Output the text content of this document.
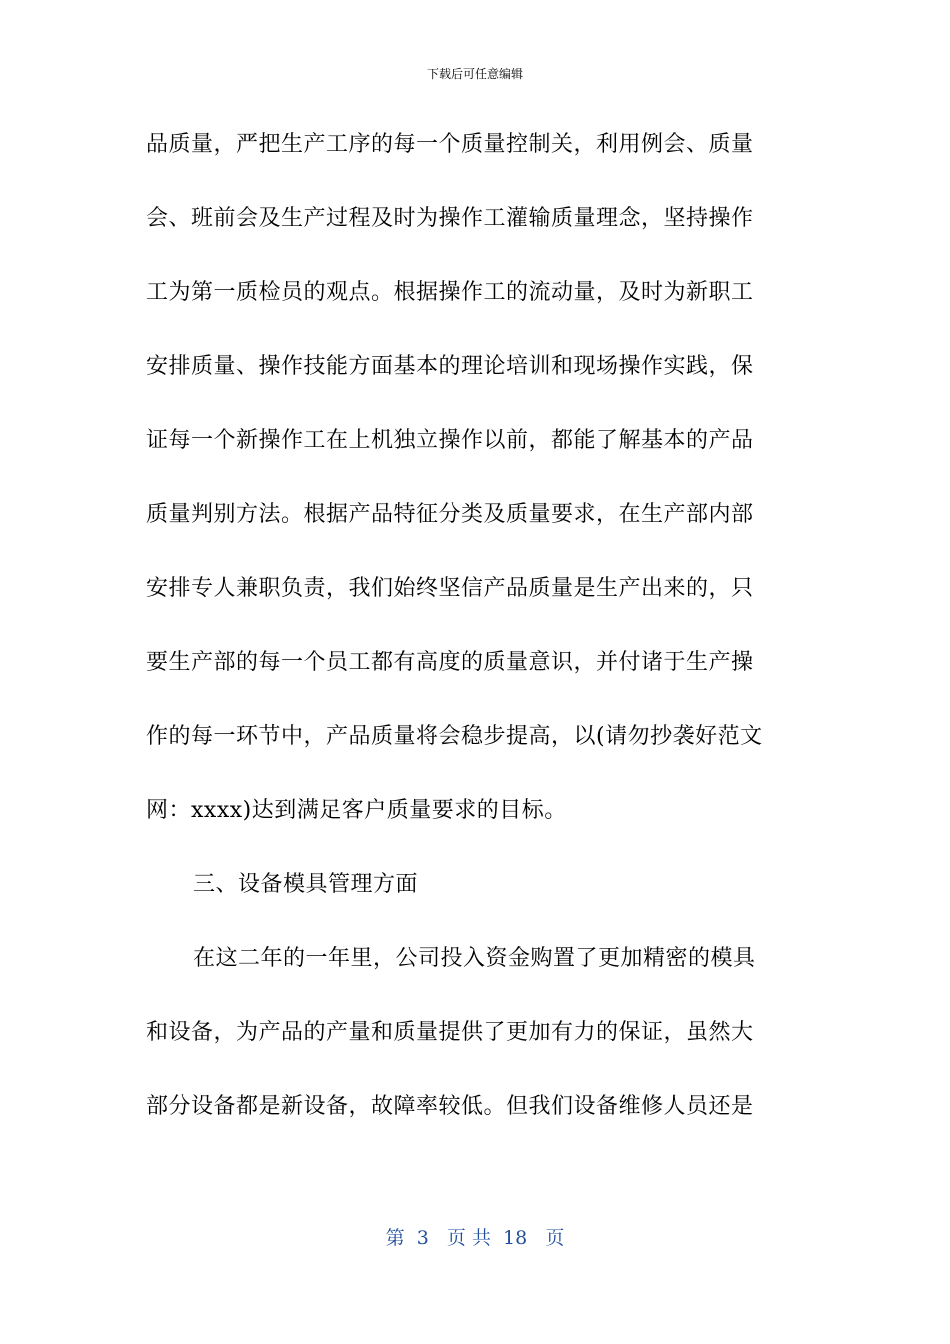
下载后可任意编辑
品质量，严把生产工序的每一个质量控制关，利用例会、质量
会、班前会及生产过程及时为操作工灌输质量理念，坚持操作
工为第一质检员的观点。根据操作工的流动量，及时为新职工
安排质量、操作技能方面基本的理论培训和现场操作实践，保
证每一个新操作工在上机独立操作以前，都能了解基本的产品
质量判别方法。根据产品特征分类及质量要求，在生产部内部
安排专人兼职负责，我们始终坚信产品质量是生产出来的，只
要生产部的每一个员工都有高度的质量意识，并付诸于生产操
作的每一环节中，产品质量将会稳步提高，以(请勿抄袭好范文
网：xxxx)达到满足客户质量要求的目标。
三、设备模具管理方面
在这二年的一年里，公司投入资金购置了更加精密的模具
和设备，为产品的产量和质量提供了更加有力的保证，虽然大
部分设备都是新设备，故障率较低。但我们设备维修人员还是
第  3   页 共  18   页
